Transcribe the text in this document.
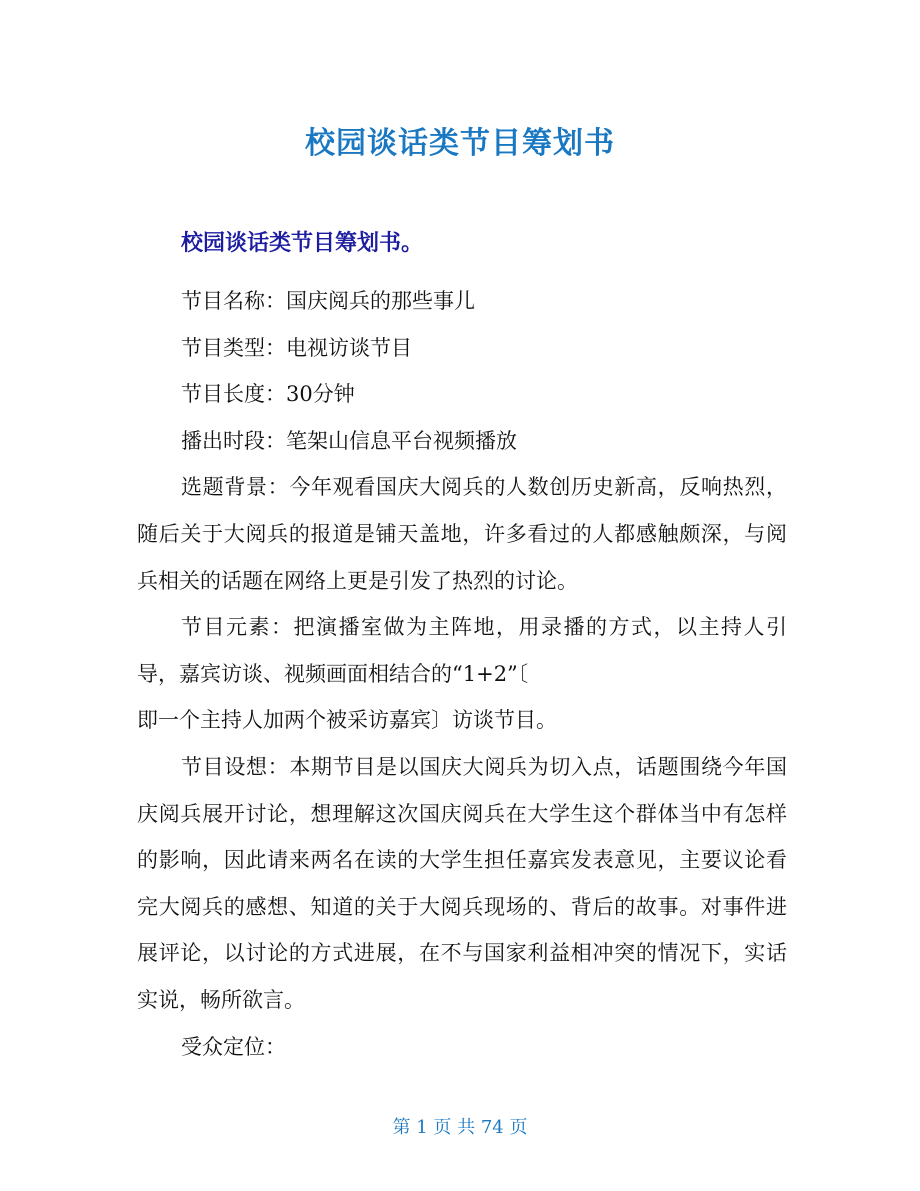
校园谈话类节目筹划书
校园谈话类节目筹划书。

节目名称：国庆阅兵的那些事儿

节目类型：电视访谈节目

节目长度：30分钟

播出时段：笔架山信息平台视频播放

选题背景：今年观看国庆大阅兵的人数创历史新高，反响热烈，随后关于大阅兵的报道是铺天盖地，许多看过的人都感触颇深，与阅兵相关的话题在网络上更是引发了热烈的讨论。

节目元素：把演播室做为主阵地，用录播的方式，以主持人引导，嘉宾访谈、视频画面相结合的“1+2”〔

即一个主持人加两个被采访嘉宾〕访谈节目。

节目设想：本期节目是以国庆大阅兵为切入点，话题围绕今年国庆阅兵展开讨论，想理解这次国庆阅兵在大学生这个群体当中有怎样的影响，因此请来两名在读的大学生担任嘉宾发表意见，主要议论看完大阅兵的感想、知道的关于大阅兵现场的、背后的故事。对事件进展评论，以讨论的方式进展，在不与国家利益相冲突的情况下，实话实说，畅所欲言。

受众定位：

第 1 页 共 74 页
